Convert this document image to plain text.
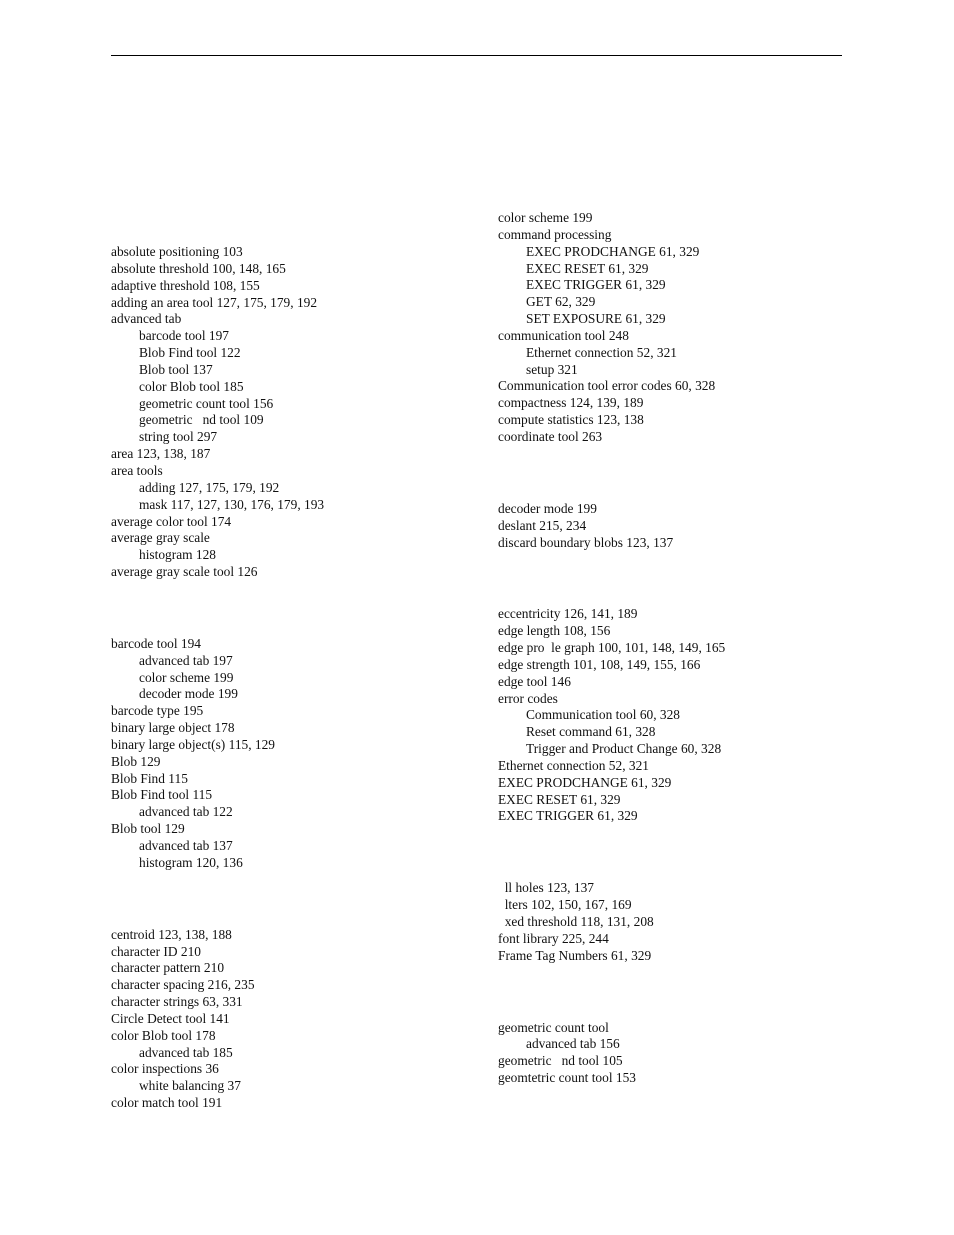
absolute positioning 103
absolute threshold 100, 148, 165
adaptive threshold 108, 155
adding an area tool 127, 175, 179, 192
advanced tab
barcode tool 197
Blob Find tool 122
Blob tool 137
color Blob tool 185
geometric count tool 156
geometric   nd tool 109
string tool 297
area 123, 138, 187
area tools
adding 127, 175, 179, 192
mask 117, 127, 130, 176, 179, 193
average color tool 174
average gray scale
histogram 128
average gray scale tool 126
barcode tool 194
advanced tab 197
color scheme 199
decoder mode 199
barcode type 195
binary large object 178
binary large object(s) 115, 129
Blob 129
Blob Find 115
Blob Find tool 115
advanced tab 122
Blob tool 129
advanced tab 137
histogram 120, 136
centroid 123, 138, 188
character ID 210
character pattern 210
character spacing 216, 235
character strings 63, 331
Circle Detect tool 141
color Blob tool 178
advanced tab 185
color inspections 36
white balancing 37
color match tool 191
color scheme 199
command processing
EXEC PRODCHANGE 61, 329
EXEC RESET 61, 329
EXEC TRIGGER 61, 329
GET 62, 329
SET EXPOSURE 61, 329
communication tool 248
Ethernet connection 52, 321
setup 321
Communication tool error codes 60, 328
compactness 124, 139, 189
compute statistics 123, 138
coordinate tool 263
decoder mode 199
deslant 215, 234
discard boundary blobs 123, 137
eccentricity 126, 141, 189
edge length 108, 156
edge pro  le graph 100, 101, 148, 149, 165
edge strength 101, 108, 149, 155, 166
edge tool 146
error codes
Communication tool 60, 328
Reset command 61, 328
Trigger and Product Change 60, 328
Ethernet connection 52, 321
EXEC PRODCHANGE 61, 329
EXEC RESET 61, 329
EXEC TRIGGER 61, 329
ll holes 123, 137
lters 102, 150, 167, 169
xed threshold 118, 131, 208
font library 225, 244
Frame Tag Numbers 61, 329
geometric count tool
advanced tab 156
geometric   nd tool 105
geomtetric count tool 153
